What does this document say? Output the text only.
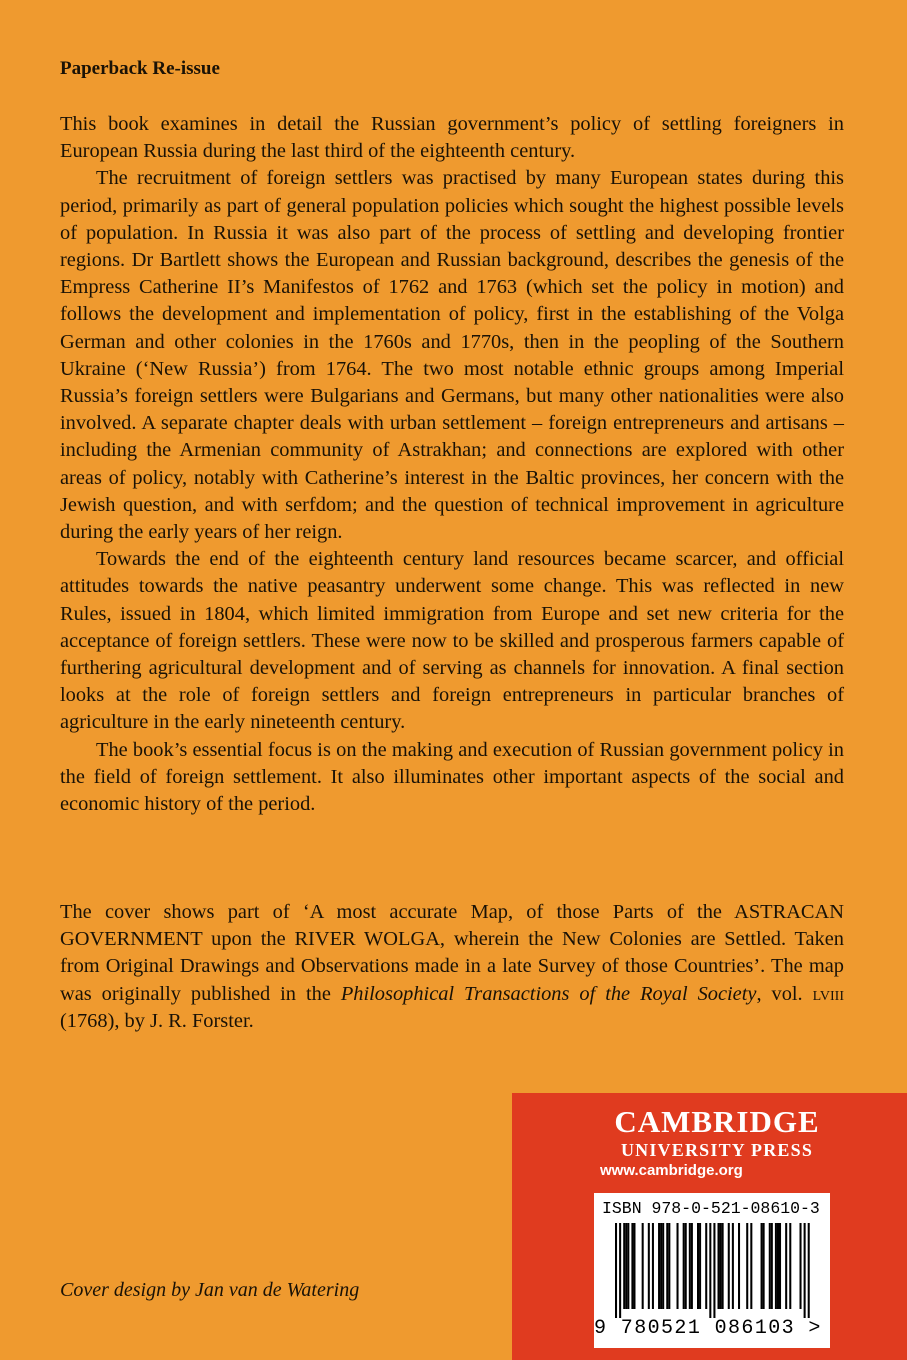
Paperback Re-issue

This book examines in detail the Russian government’s policy of settling foreigners in European Russia during the last third of the eighteenth century.

The recruitment of foreign settlers was practised by many European states during this period, primarily as part of general population policies which sought the highest possible levels of population. In Russia it was also part of the process of settling and developing frontier regions. Dr Bartlett shows the European and Russian background, describes the genesis of the Empress Catherine II’s Manifestos of 1762 and 1763 (which set the policy in motion) and follows the development and implementation of policy, first in the establishing of the Volga German and other colonies in the 1760s and 1770s, then in the peopling of the Southern Ukraine (‘New Russia’) from 1764. The two most notable ethnic groups among Imperial Russia’s foreign settlers were Bulgarians and Germans, but many other nationalities were also involved. A separate chapter deals with urban settlement – foreign entrepreneurs and artisans – including the Armenian community of Astrakhan; and connections are explored with other areas of policy, notably with Catherine’s interest in the Baltic provinces, her concern with the Jewish question, and with serfdom; and the question of technical improvement in agriculture during the early years of her reign.

Towards the end of the eighteenth century land resources became scarcer, and official attitudes towards the native peasantry underwent some change. This was reflected in new Rules, issued in 1804, which limited immigration from Europe and set new criteria for the acceptance of foreign settlers. These were now to be skilled and prosperous farmers capable of furthering agricultural development and of serving as channels for innovation. A final section looks at the role of foreign settlers and foreign entrepreneurs in particular branches of agriculture in the early nineteenth century.

The book’s essential focus is on the making and execution of Russian government policy in the field of foreign settlement. It also illuminates other important aspects of the social and economic history of the period.

The cover shows part of ‘A most accurate Map, of those Parts of the ASTRACAN GOVERNMENT upon the RIVER WOLGA, wherein the New Colonies are Settled. Taken from Original Drawings and Observations made in a late Survey of those Countries’. The map was originally published in the Philosophical Transactions of the Royal Society, vol. lviii (1768), by J. R. Forster.
Cover design by Jan van de Watering
CAMBRIDGE
UNIVERSITY PRESS
www.cambridge.org
ISBN 978-0-521-08610-3
9 780521 086103 >
